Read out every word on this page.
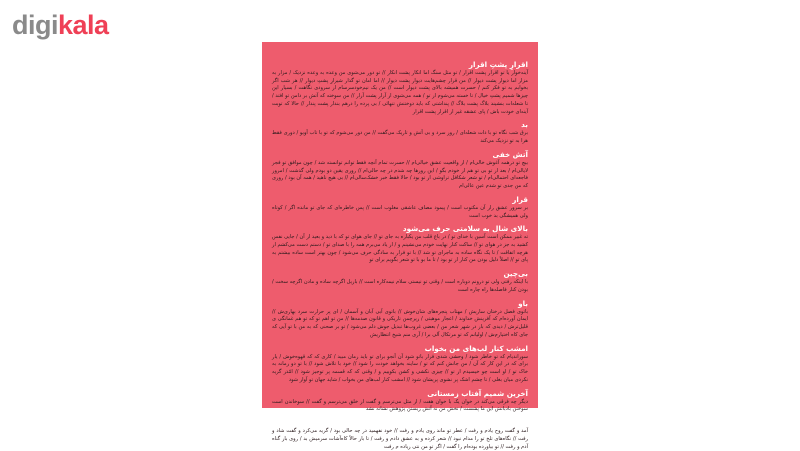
digikala
اقرارِ پشتِ اقرار
آینه‌خوار‌ یا تو اقرار پشت اقرار / تو مثل سنگ اما انکار پشت انکار // تو دور می‌شوی من وعده به وعده نزدیک / مزار به مزار اما دیوار پشت دیوار // من قرار چشم‌هایت دیوار پشت دیوار // اما امان تو گذار شیرازِ پشتِ دیوار // هر شب اگر بخوابم به تو فکر کنم / حسرت همیشه بالای پشت دیوار است // من یک نیم‌خودسرسام از سرودی نگاهت / بسیار این چیزها شمیم پشتِ خیال / تا خسته می‌شوم از تو / همه می‌شوی از آزار پشت آزار // من سوخته که آتش بر دامن تو افتد / تا شعله‌ات بنشیند بلاگ پشت بلاگ // پنداشتی که باید دوختنش تنهائی / بی پرده را درهم بندار پشت پندار // حالا که توبت آینه‌ای خودت باش / پای عشقه غیر از اقرار پشت اقرار
بد
برق شب نگاه تو با ذات شعله‌‌ای / روز سرد و بی آتش و تاریک می‌گفت // من دور می‌شوم که تو با تاب آویو / دوری فقط هرا به تو نزدیک می‌کند
آتش خفی
بیچ تو درهمه آغوش خالی‌ام / از واقعیت عشق خیالی‌ام // حسرت تمام آنچه فقط توانم توانسته شد / چون موافق تو فجر لایالی‌ام / بعد از تو بی تو هم از خودم بگو / این روزها چه شدم در چه حالی‌ام // روزی یقین دو بودم ولی گذشت / امروز فاجعه‌ای احتمالی‌ام / تو شعر شکافل تراوشی از تو بود / حالا فقط خبر خشک‌سالی‌ام // بی هیچ ناهید / همه آن بود / روزی که من جدی تو شدم عین عالی‌ام
قرار
بر سرور عشق راز آن مکتوب است / پیمود مصاف عاشقی مغلوب است // پس خاطره‌ای که جای تو مانده اگر / کوتاه ولی همیشگی بد خوب است
بالای شال به سلامتی حرف می‌شود
ته غبیر ممکن است آسین با خدای تو / در باغ قلب من یکباره به جای تو // جای هوای تو که با دید و بعید از آن / جایی نفس کشید به جز در هوای تو // ساکت کنار نهایت خودم می‌نشینم و / از یاد می‌برم همه را با صدای تو / دستم دست می‌کشم از هرچه اتفاقت / تا یک نگاه ساده به ماجرای تو شد // با تو فرار به سادگی حرف می‌شود / چون بهتر است ساده بیشتم به پای تو // اصلاً دلیل بودن من کنار از تو بود / تا ما بو با تو شعر بگویم برای تو
بی‌چین
با اینکه رفتی ولی تو درونم دوباره است / وقتی تو نیستی سلام نیمه‌کاره است // بازیل اگرچه ساده و مادن اگرچه سخت / بودن کنار فاصله‌ها راه چاره است
باو
باتوی فصل درختان ساریش / مهتاب پنجره‌های شان‌خوش // باتوی آبی آبان و آسمان / ای پر حرارت سرد بهاری‌ش // ایمان آورده‌ام که آفرینش خداوند / اعجاز موهبتی / زیرچمن تاریکی و قانون صدمه‌ها // من تو اهم تو که تو هم غمانگی ی قلیل‌ترش / دیدی که باز در شهر شعر من / بعضی غروب‌ها تبدیل جوش دلم می‌شود / تو بر صحنی که به من با تو آیی که جای کاه اختیارم‌ش / اولیانم که تو مرتکال آلی برا / آری منم شیخ انتظاریش
امشب کنار لب‌های من بخواب
سوزاندیام که تو خاطر شود / وحشی شدی فرار باتو شود آن آنجو برای تو باید زمان مبید / کاری که که قهوه‌خوش / یار برای که در این کار که آن / من جانش کنم که تو / ساینه بخواهد خودت را شود // خود با تلاش شود // با تو دو زمانه به خاک تو / او است چو خیسیدم از تو // چیزی نکشی و کشن بکوییم و / وقتی که که قسمه پر توجیز شود // امّذز گریه نکردی میان بغلی / تا چشم اشک پر نشوی پریشان شود // امشب کنار لب‌های من بخواب / شاید جهان تو آواز شود
آخرین شمیم آفتاب زمستانی
دیگر چه فرقی می‌کند در خوان یک با خوان هفت / از مثل می‌ترسم و گفت از خلق می‌ترسم و گفت // سوخاندن است سوختن بادبانش این ما پشست / تخش من نه آتش زیستن پژوهش نشانه نشد
حوا
آمد و گفت روح یادم و رفت / عطر تو ماند روی یادم و رفت // خود نفهمید در چه حالی بود / گریه می‌کرد و گفت شاد و رفت // نگاه‌های تلخ تو را مدام نبود // شعر کرده و به عشق دادم و رفت / تا باز حالاً کاه‌آشات سرمیش بد / روی باز گناه آدم و رفت // تو بیاورده بوده‌ام را گفت / اگر تو من نتی زیاده م رفت
